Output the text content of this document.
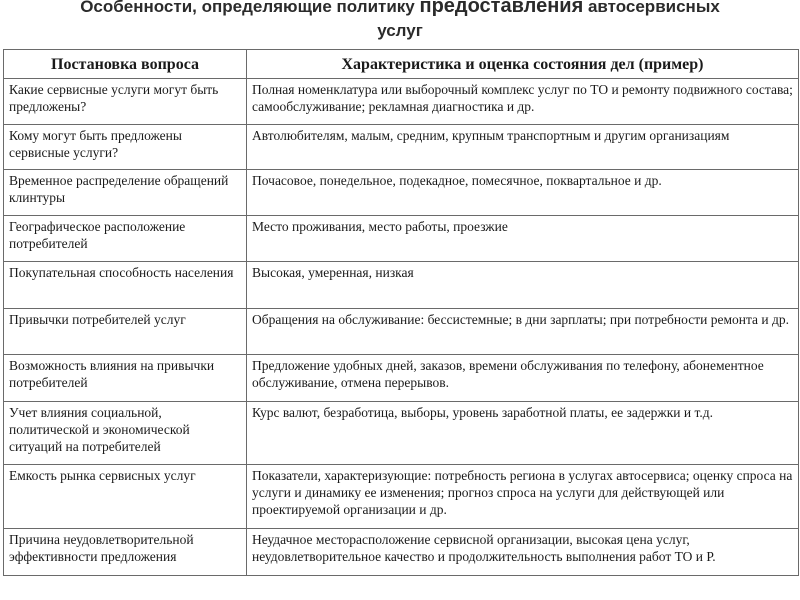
Особенности, определяющие политику предоставления автосервисных
услуг
Постановка вопроса	Характеристика и оценка состояния дел (пример)
Какие сервисные услуги могут быть предложены?	Полная номенклатура или выборочный комплекс услуг по ТО и ремонту подвижного состава; самообслуживание; рекламная диагностика и др.
Кому могут быть предложены сервисные услуги?	Автолюбителям, малым, средним, крупным транспортным и другим организациям
Временное распределение обращений клинтуры	Почасовое, понедельное, подекадное, помесячное, поквартальное и др.
Географическое расположение потребителей	Место проживания, место работы, проезжие
Покупательная способность населения	Высокая, умеренная, низкая
Привычки потребителей услуг	Обращения на обслуживание: бессистемные; в дни зарплаты; при потребности ремонта и др.
Возможность влияния на привычки потребителей	Предложение удобных дней, заказов, времени обслуживания по телефону, абонементное обслуживание, отмена перерывов.
Учет влияния социальной, политической и экономической ситуаций на потребителей	Курс валют, безработица, выборы, уровень заработной платы, ее задержки и т.д.
Емкость рынка сервисных услуг	Показатели, характеризующие: потребность региона в услугах автосервиса; оценку спроса на услуги и динамику ее изменения; прогноз спроса на услуги для действующей или проектируемой организации и др.
Причина неудовлетворительной эффективности предложения	Неудачное месторасположение сервисной организации, высокая цена услуг, неудовлетворительное качество и продолжительность выполнения работ ТО и Р.
